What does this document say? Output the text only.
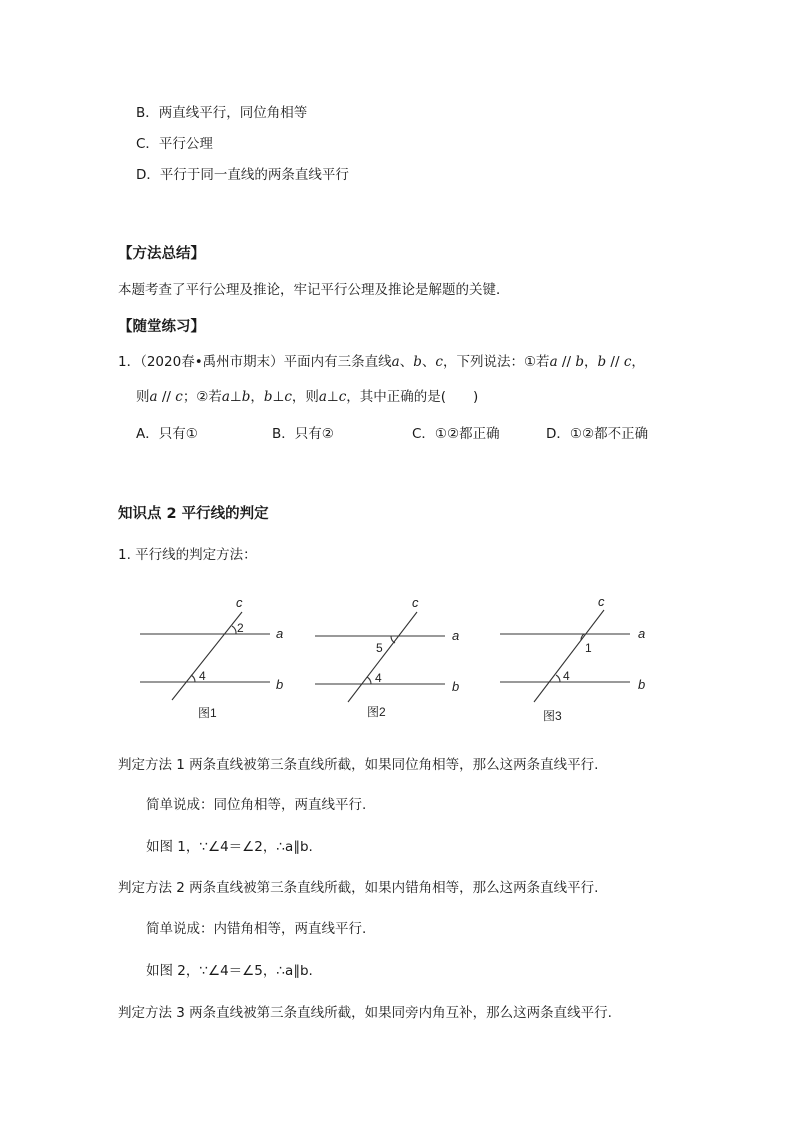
B．两直线平行，同位角相等
C．平行公理
D．平行于同一直线的两条直线平行
【方法总结】
本题考查了平行公理及推论，牢记平行公理及推论是解题的关键．
【随堂练习】
1．（2020春•禹州市期末）平面内有三条直线a、b、c，下列说法：①若a // b，b // c，
则a // c；②若a⊥b，b⊥c，则a⊥c，其中正确的是(　　)
A．只有①	B．只有②	C．①②都正确	D．①②都不正确
知识点 2 平行线的判定
1. 平行线的判定方法：
c
a
b
2
4
图1
c
a
b
5
4
图2
c
a
b
1
4
图3
判定方法 1 两条直线被第三条直线所截，如果同位角相等，那么这两条直线平行.
简单说成：同位角相等，两直线平行.
如图 1，∵∠4＝∠2，∴a∥b.
判定方法 2 两条直线被第三条直线所截，如果内错角相等，那么这两条直线平行.
简单说成：内错角相等，两直线平行.
如图 2，∵∠4＝∠5，∴a∥b.
判定方法 3 两条直线被第三条直线所截，如果同旁内角互补，那么这两条直线平行.
